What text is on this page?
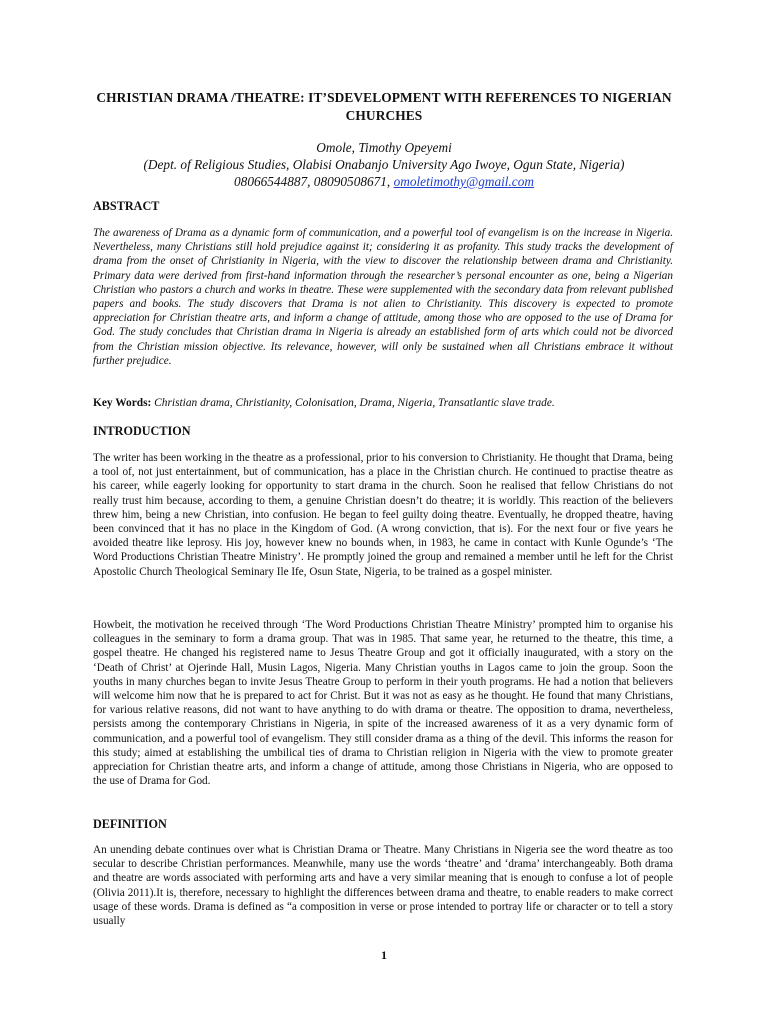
CHRISTIAN DRAMA /THEATRE: IT’SDEVELOPMENT WITH REFERENCES TO NIGERIAN CHURCHES
Omole, Timothy Opeyemi
(Dept. of Religious Studies, Olabisi Onabanjo University Ago Iwoye, Ogun State, Nigeria)
08066544887, 08090508671, omoletimothy@gmail.com
ABSTRACT
The awareness of Drama as a dynamic form of communication, and a powerful tool of evangelism is on the increase in Nigeria. Nevertheless, many Christians still hold prejudice against it; considering it as profanity. This study tracks the development of drama from the onset of Christianity in Nigeria, with the view to discover the relationship between drama and Christianity. Primary data were derived from first-hand information through the researcher’s personal encounter as one, being a Nigerian Christian who pastors a church and works in theatre. These were supplemented with the secondary data from relevant published papers and books. The study discovers that Drama is not alien to Christianity. This discovery is expected to promote appreciation for Christian theatre arts, and inform a change of attitude, among those who are opposed to the use of Drama for God. The study concludes that Christian drama in Nigeria is already an established form of arts which could not be divorced from the Christian mission objective. Its relevance, however, will only be sustained when all Christians embrace it without further prejudice.
Key Words: Christian drama, Christianity, Colonisation, Drama, Nigeria, Transatlantic slave trade.
INTRODUCTION
The writer has been working in the theatre as a professional, prior to his conversion to Christianity. He thought that Drama, being a tool of, not just entertainment, but of communication, has a place in the Christian church. He continued to practise theatre as his career, while eagerly looking for opportunity to start drama in the church. Soon he realised that fellow Christians do not really trust him because, according to them, a genuine Christian doesn’t do theatre; it is worldly. This reaction of the believers threw him, being a new Christian, into confusion. He began to feel guilty doing theatre. Eventually, he dropped theatre, having been convinced that it has no place in the Kingdom of God. (A wrong conviction, that is). For the next four or five years he avoided theatre like leprosy. His joy, however knew no bounds when, in 1983, he came in contact with Kunle Ogunde’s ‘The Word Productions Christian Theatre Ministry’. He promptly joined the group and remained a member until he left for the Christ Apostolic Church Theological Seminary Ile Ife, Osun State, Nigeria, to be trained as a gospel minister.
Howbeit, the motivation he received through ‘The Word Productions Christian Theatre Ministry’ prompted him to organise his colleagues in the seminary to form a drama group. That was in 1985. That same year, he returned to the theatre, this time, a gospel theatre. He changed his registered name to Jesus Theatre Group and got it officially inaugurated, with a story on the ‘Death of Christ’ at Ojerinde Hall, Musin Lagos, Nigeria. Many Christian youths in Lagos came to join the group. Soon the youths in many churches began to invite Jesus Theatre Group to perform in their youth programs. He had a notion that believers will welcome him now that he is prepared to act for Christ. But it was not as easy as he thought. He found that many Christians, for various relative reasons, did not want to have anything to do with drama or theatre. The opposition to drama, nevertheless, persists among the contemporary Christians in Nigeria, in spite of the increased awareness of it as a very dynamic form of communication, and a powerful tool of evangelism. They still consider drama as a thing of the devil. This informs the reason for this study; aimed at establishing the umbilical ties of drama to Christian religion in Nigeria with the view to promote greater appreciation for Christian theatre arts, and inform a change of attitude, among those Christians in Nigeria, who are opposed to the use of Drama for God.
DEFINITION
An unending debate continues over what is Christian Drama or Theatre. Many Christians in Nigeria see the word theatre as too secular to describe Christian performances. Meanwhile, many use the words ‘theatre’ and ‘drama’ interchangeably. Both drama and theatre are words associated with performing arts and have a very similar meaning that is enough to confuse a lot of people (Olivia 2011).It is, therefore, necessary to highlight the differences between drama and theatre, to enable readers to make correct usage of these words. Drama is defined as “a composition in verse or prose intended to portray life or character or to tell a story usually
1
